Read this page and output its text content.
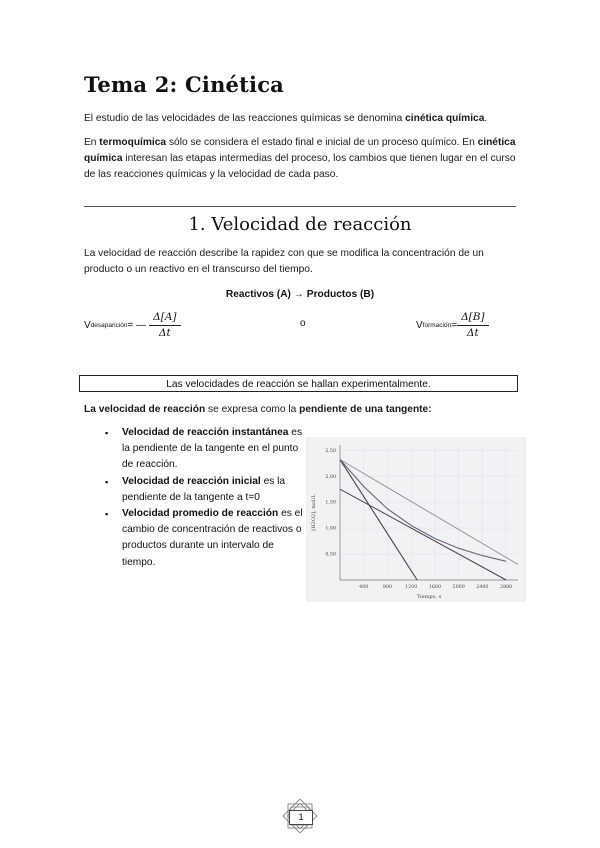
Tema 2: Cinética
El estudio de las velocidades de las reacciones químicas se denomina cinética química.
En termoquímica sólo se considera el estado final e inicial de un proceso químico. En cinética química interesan las etapas intermedias del proceso, los cambios que tienen lugar en el curso de las reacciones químicas y la velocidad de cada paso.
1. Velocidad de reacción
La velocidad de reacción describe la rapidez con que se modifica la concentración de un producto o un reactivo en el transcurso del tiempo.
Reactivos (A) → Productos (B)
V desaparición = — $\frac{\Delta[A]}{\Delta t}$	o	V formación = $\frac{\Delta[B]}{\Delta t}$
Las velocidades de reacción se hallan experimentalmente.
La velocidad de reacción se expresa como la pendiente de una tangente:
▪ Velocidad de reacción instantánea es la pendiente de la tangente en el punto de reacción.
▪ Velocidad de reacción inicial es la pendiente de la tangente a t=0
▪ Velocidad promedio de reacción es el cambio de concentración de reactivos o productos durante un intervalo de tiempo.
400	800	1200 1600 2000 2400 2800
0,50
1,00
1,50
2,00
2,50
Tiempo, s
[H2O2], mol/L
1
